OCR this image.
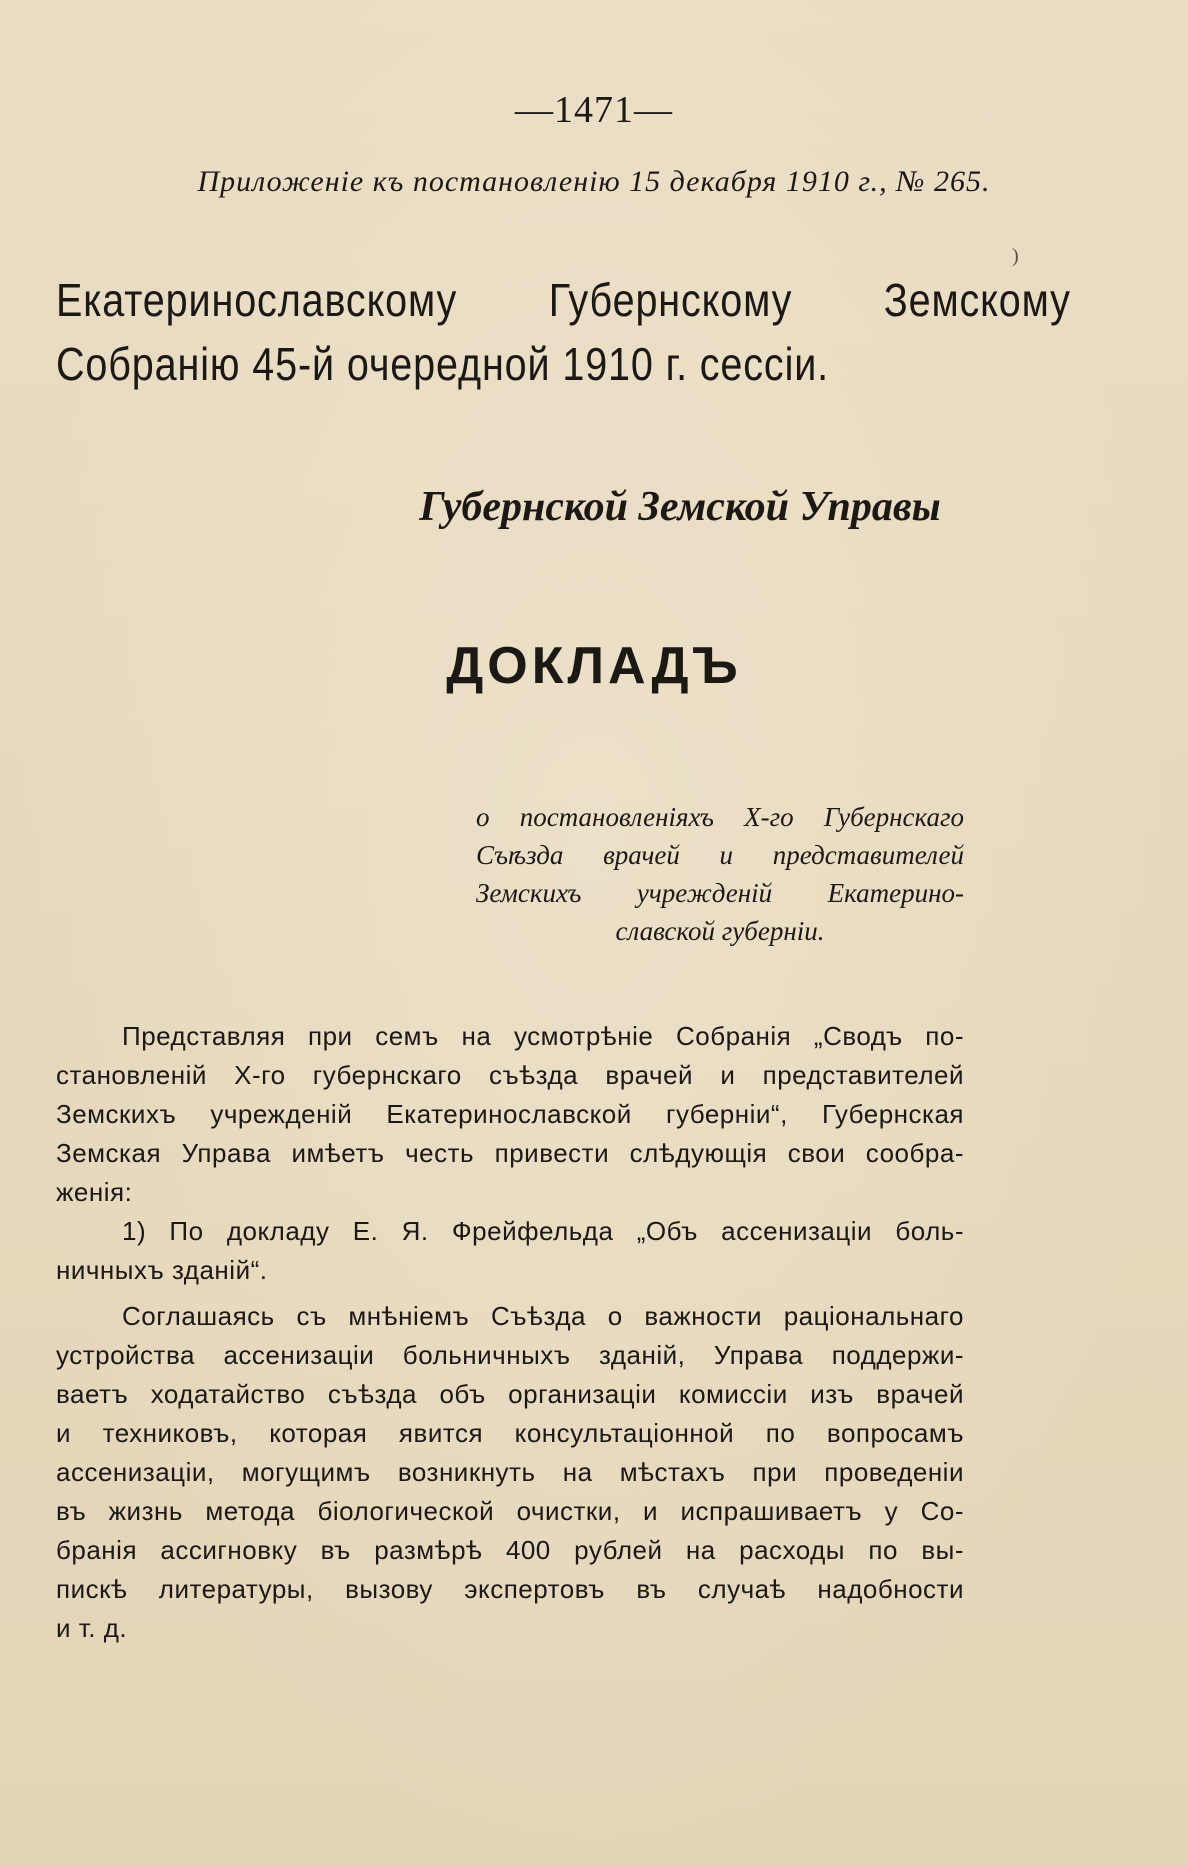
—1471—
Приложеніе къ постановленію 15 декабря 1910 г., № 265.
)
Екатеринославскому Губернскому Земскому
Собранію 45-й очередной 1910 г. сессіи.
Губернской Земской Управы
ДОКЛАДЪ
о постановленіяхъ X-го Губернскаго
Съѣзда врачей и представителей
Земскихъ учрежденій Екатерино-
славской губерніи.
Представляя при семъ на усмотрѣніе Собранія „Сводъ по-
становленій X-го губернскаго съѣзда врачей и представителей
Земскихъ учрежденій Екатеринославской губерніи“, Губернская
Земская Управа имѣетъ честь привести слѣдующія свои сообра-
женія:
1) По докладу Е. Я. Фрейфельда „Объ ассенизаціи боль-
ничныхъ зданій“.
Соглашаясь съ мнѣніемъ Съѣзда о важности раціональнаго
устройства ассенизаціи больничныхъ зданій, Управа поддержи-
ваетъ ходатайство съѣзда объ организаціи комиссіи изъ врачей
и техниковъ, которая явится консультаціонной по вопросамъ
ассенизаціи, могущимъ возникнуть на мѣстахъ при проведеніи
въ жизнь метода біологической очистки, и испрашиваетъ у Со-
бранія ассигновку въ размѣрѣ 400 рублей на расходы по вы-
пискѣ литературы, вызову экспертовъ въ случаѣ надобности
и т. д.
